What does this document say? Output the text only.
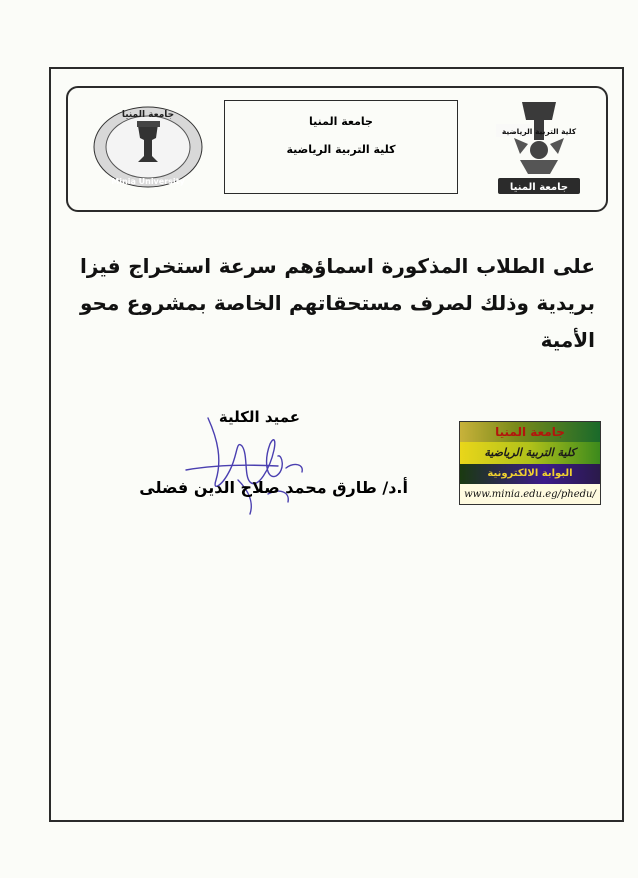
جامعة المنيا
Minia University
جامعة المنيا
كلية التربية الرياضية
كلية التربية الرياضية
جامعة المنيا
على الطلاب المذكورة اسماؤهم سرعة استخراج فيزا بريدية وذلك لصرف مستحقاتهم الخاصة بمشروع محو الأمية
عميد الكلية
أ.د/ طارق محمد صلاح الدين فضلى
جامعة المنيا
كلية التربية الرياضية
البوابة الالكترونية
www.minia.edu.eg/phedu/
